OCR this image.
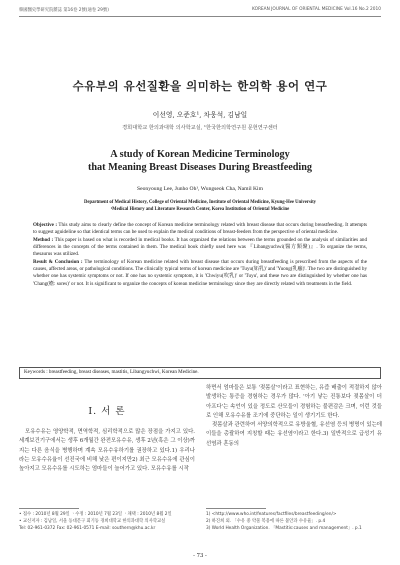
韓國醫史學研究院雜誌 第16卷 2號(通卷 29號)	KOREAN JOURNAL OF ORIENTAL MEDICINE Vol.16 No.2 2010
수유부의 유선질환을 의미하는 한의학 용어 연구
이선영, 오준호¹, 차웅석, 김남일
경희대학교 한의과대학 의사학교실, ¹한국한의학연구원 문헌연구센터
A study of Korean Medicine Terminology
that Meaning Breast Diseases During Breastfeeding
Seonyoung Lee, Junho Oh¹, Wungseok Cha, Namil Kim
Department of Medical History, College of Oriental Medicine, Institute of Oriental Medicine, Kyung-Hee University
¹Medical History and Literature Research Center, Korea Institution of Oriental Medicine

Objective : This study aims to clearly define the concept of Korean medicine terminology related with breast disease that occurs during breastfeeding. It attempts to suggest aguideline so that identical terms can be used to explain the medical conditions of breast-feeders from the perspective of oriental medicine.

Method : This paper is based on what is recorded in medical books. It has organized the relations between the terms grounded on the analysis of similarities and differences in the concepts of the terms contained in them. The medical book chiefly used here was 『Libangyuchwi(醫方類聚)』. To organize the terms, thesaurus was utilized.

Result & Conclusion : The terminology of Korean medicine related with breast disease that occurs during breastfeeding is prescribed from the aspects of the causes, affected areas, or pathological conditions. The clinically typical terms of korean medicine are 'Tuyu(妬乳)' and 'Yuong(乳癰)'. The two are distinguished by whether one has systemic symptoms or not. If one has no systemic symptom, it is 'Chwiyu(吹乳)' or 'Tuyu', and these two are distinguished by whether one has 'Chang(瘡: sores)' or not. It is significant to organize the concepts of korean medicine terminology since they are directly related with treatments in the field.

Keywords : breastfeeding, breast diseases, mastitis, Libangyuchwi, Korean Medicine.
Ⅰ. 서 론

모유수유는 영양학적, 면역학적, 심리학적으로 많은 장점을 가지고 있다. 세계보건기구에서는 생후 6개월간 완전모유수유, 생후 2년(혹은 그 이상)까지는 다른 음식을 병행하며 계속 모유수유하기를 권장하고 있다.1) 우리나라는 모유수유율이 선진국에 비해 낮은 편이지만2) 최근 모유수유에 관심이 높아지고 모유수유를 시도하는 엄마들이 늘어가고 있다. 모유수유를 시작

하면서 엄마들은 보통 '젖몸살'이라고 표현하는, 유즙 배출이 적절하지 않아 발생하는 통증을 경험하는 경우가 많다. '아기 낳는 진통보다 젖몸살이 더 아프다'는 속언이 있을 정도로 산모들이 경험하는 불편감은 크며, 이런 것들로 인해 모유수유를 조기에 중단하는 일이 생기기도 한다.

젖몸살과 관련하여 서양의학적으로 유방울혈, 유선염 등의 병명이 있는데 이들을 총괄하여 지칭할 때는 유선염이라고 한다.3) 일반적으로 급성기 유선염과 혼동의

• 접수 : 2010년 8월 29일 ㆍ수정 : 2010년 7월 23일 ㆍ채택 : 2010년 8월 2일

• 교신저자 : 김남일, 서울 동대문구 회기동 경희대학교 한의과대학 의사학교실

Tel: 02-961-0372 Fax: 02-961-0571 E-mail: southern@khu.ac.kr

1) <http://www.who.int/features/factfiles/breastfeeding/en/>

2) 하진희 외. 「수유 중 약물 복용에 따른 불안과 수유율」. p.4

3) World Health Organization. 「Mastitis:causes and management」. p.1

- 73 -
